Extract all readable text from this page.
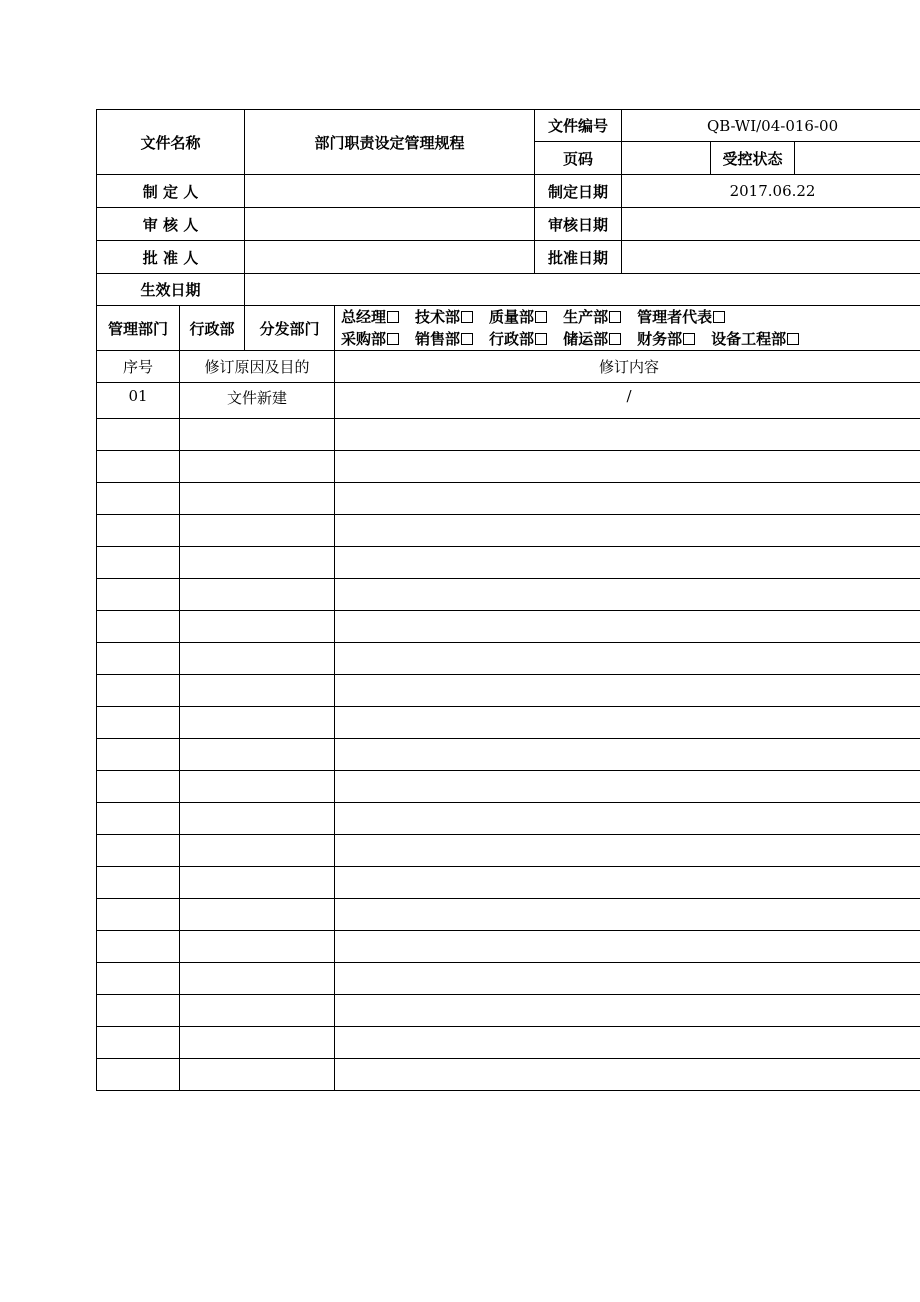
文件名称		部门职责设定管理规程		文件编号	QB-WI/04-016-00		
				页码		受控状态	
制 定 人				制定日期	2017.06.22		
审 核 人				审核日期			
批 准 人				批准日期			
生效日期							
管理部门	行政部	分发部门	总经理 技术部 质量部 生产部 管理者代表
采购部 销售部 行政部 储运部 财务部 设备工程部				

序号	修订原因及目的		修订内容				
01	文件新建		/				
